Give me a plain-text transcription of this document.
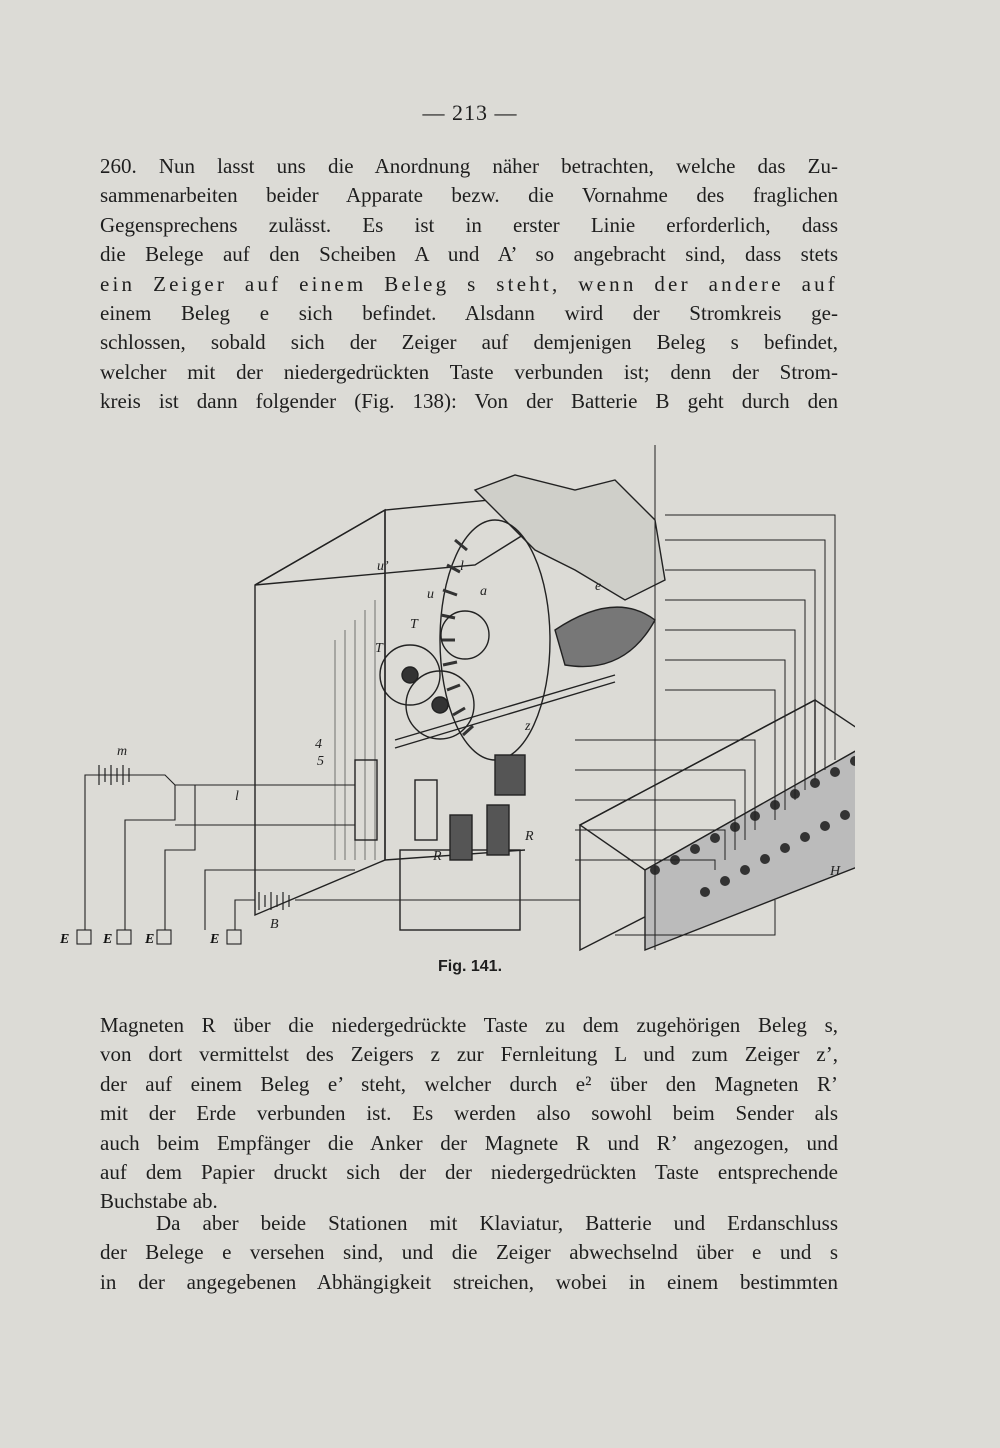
— 213 —
260. Nun lasst uns die Anordnung näher betrachten, welche das Zu-
sammenarbeiten beider Apparate bezw. die Vornahme des fraglichen
Gegensprechens zulässt. Es ist in erster Linie erforderlich, dass
die Belege auf den Scheiben A und A’ so angebracht sind, dass stets
ein Zeiger auf einem Beleg s steht, wenn der andere auf
einem Beleg e sich befindet. Alsdann wird der Stromkreis ge-
schlossen, sobald sich der Zeiger auf demjenigen Beleg s befindet,
welcher mit der niedergedrückten Taste verbunden ist; denn der Strom-
kreis ist dann folgender (Fig. 138): Von der Batterie B geht durch den
m
l
B
R
R
H
T
T
u’
u
z
l
e
a
4
5
E E E	E
Fig. 141.
Magneten R über die niedergedrückte Taste zu dem zugehörigen Beleg s,
von dort vermittelst des Zeigers z zur Fernleitung L und zum Zeiger z’,
der auf einem Beleg e’ steht, welcher durch e² über den Magneten R’
mit der Erde verbunden ist. Es werden also sowohl beim Sender als
auch beim Empfänger die Anker der Magnete R und R’ angezogen, und
auf dem Papier druckt sich der der niedergedrückten Taste entsprechende
Buchstabe ab.
Da aber beide Stationen mit Klaviatur, Batterie und Erdanschluss
der Belege e versehen sind, und die Zeiger abwechselnd über e und s
in der angegebenen Abhängigkeit streichen, wobei in einem bestimmten
